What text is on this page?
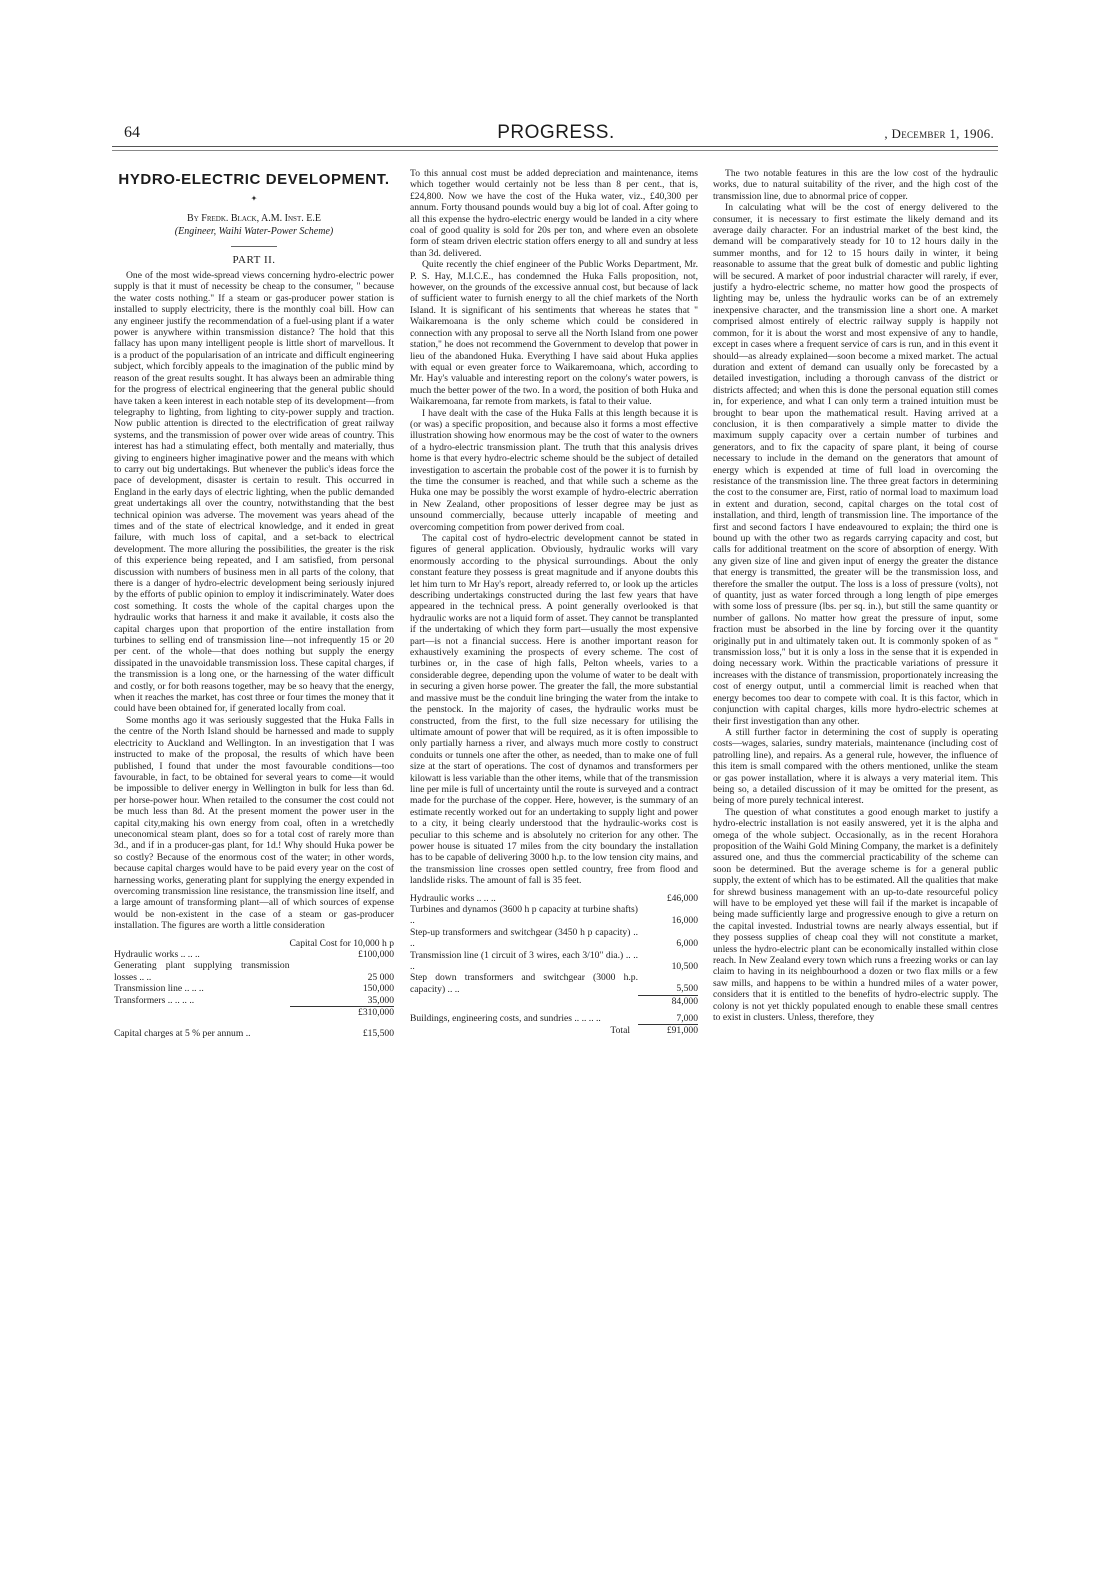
64	PROGRESS.	, December 1, 1906.
HYDRO-ELECTRIC DEVELOPMENT.
✦
By Fredk. Black, A.M. Inst. E.E
(Engineer, Waihi Water-Power Scheme)
PART II.

One of the most wide-spread views concerning hydro-electric power supply is that it must of necessity be cheap to the consumer, " because the water costs nothing." If a steam or gas-producer power station is installed to supply electricity, there is the monthly coal bill. How can any engineer justify the recommendation of a fuel-using plant if a water power is anywhere within transmission distance? The hold that this fallacy has upon many intelligent people is little short of marvellous. It is a product of the popularisation of an intricate and difficult engineering subject, which forcibly appeals to the imagination of the public mind by reason of the great results sought. It has always been an admirable thing for the progress of electrical engineering that the general public should have taken a keen interest in each notable step of its development—from telegraphy to lighting, from lighting to city-power supply and traction. Now public attention is directed to the electrification of great railway systems, and the transmission of power over wide areas of country. This interest has had a stimulating effect, both mentally and materially, thus giving to engineers higher imaginative power and the means with which to carry out big undertakings. But whenever the public's ideas force the pace of development, disaster is certain to result. This occurred in England in the early days of electric lighting, when the public demanded great undertakings all over the country, notwithstanding that the best technical opinion was adverse. The movement was years ahead of the times and of the state of electrical knowledge, and it ended in great failure, with much loss of capital, and a set-back to electrical development. The more alluring the possibilities, the greater is the risk of this experience being repeated, and I am satisfied, from personal discussion with numbers of business men in all parts of the colony, that there is a danger of hydro-electric development being seriously injured by the efforts of public opinion to employ it indiscriminately. Water does cost something. It costs the whole of the capital charges upon the hydraulic works that harness it and make it available, it costs also the capital charges upon that proportion of the entire installation from turbines to selling end of transmission line—not infrequently 15 or 20 per cent. of the whole—that does nothing but supply the energy dissipated in the unavoidable transmission loss. These capital charges, if the transmission is a long one, or the harnessing of the water difficult and costly, or for both reasons together, may be so heavy that the energy, when it reaches the market, has cost three or four times the money that it could have been obtained for, if generated locally from coal.

Some months ago it was seriously suggested that the Huka Falls in the centre of the North Island should be harnessed and made to supply electricity to Auckland and Wellington. In an investigation that I was instructed to make of the proposal, the results of which have been published, I found that under the most favourable conditions—too favourable, in fact, to be obtained for several years to come—it would be impossible to deliver energy in Wellington in bulk for less than 6d. per horse-power hour. When retailed to the consumer the cost could not be much less than 8d. At the present moment the power user in the capital city,making his own energy from coal, often in a wretchedly uneconomical steam plant, does so for a total cost of rarely more than 3d., and if in a producer-gas plant, for 1d.! Why should Huka power be so costly? Because of the enormous cost of the water; in other words, because capital charges would have to be paid every year on the cost of harnessing works, generating plant for supplying the energy expended in overcoming transmission line resistance, the transmission line itself, and a large amount of transforming plant—all of which sources of expense would be non-existent in the case of a steam or gas-producer installation. The figures are worth a little consideration

	Capital Cost for 10,000 h p
Hydraulic works .. .. ..	£100,000
Generating plant supplying transmission losses .. ..	25 000
Transmission line .. .. ..	150,000
Transformers .. .. .. ..	35,000
	£310,000
Capital charges at 5 % per annum ..	£15,500

To this annual cost must be added depreciation and maintenance, items which together would certainly not be less than 8 per cent., that is, £24,800. Now we have the cost of the Huka water, viz., £40,300 per annum. Forty thousand pounds would buy a big lot of coal. After going to all this expense the hydro-electric energy would be landed in a city where coal of good quality is sold for 20s per ton, and where even an obsolete form of steam driven electric station offers energy to all and sundry at less than 3d. delivered.

Quite recently the chief engineer of the Public Works Department, Mr. P. S. Hay, M.I.C.E., has condemned the Huka Falls proposition, not, however, on the grounds of the excessive annual cost, but because of lack of sufficient water to furnish energy to all the chief markets of the North Island. It is significant of his sentiments that whereas he states that " Waikaremoana is the only scheme which could be considered in connection with any proposal to serve all the North Island from one power station," he does not recommend the Government to develop that power in lieu of the abandoned Huka. Everything I have said about Huka applies with equal or even greater force to Waikaremoana, which, according to Mr. Hay's valuable and interesting report on the colony's water powers, is much the better power of the two. In a word, the position of both Huka and Waikaremoana, far remote from markets, is fatal to their value.

I have dealt with the case of the Huka Falls at this length because it is (or was) a specific proposition, and because also it forms a most effective illustration showing how enormous may be the cost of water to the owners of a hydro-electric transmission plant. The truth that this analysis drives home is that every hydro-electric scheme should be the subject of detailed investigation to ascertain the probable cost of the power it is to furnish by the time the consumer is reached, and that while such a scheme as the Huka one may be possibly the worst example of hydro-electric aberration in New Zealand, other propositions of lesser degree may be just as unsound commercially, because utterly incapable of meeting and overcoming competition from power derived from coal.

The capital cost of hydro-electric development cannot be stated in figures of general application. Obviously, hydraulic works will vary enormously according to the physical surroundings. About the only constant feature they possess is great magnitude and if anyone doubts this let him turn to Mr Hay's report, already referred to, or look up the articles describing undertakings constructed during the last few years that have appeared in the technical press. A point generally overlooked is that hydraulic works are not a liquid form of asset. They cannot be transplanted if the undertaking of which they form part—usually the most expensive part—is not a financial success. Here is another important reason for exhaustively examining the prospects of every scheme. The cost of turbines or, in the case of high falls, Pelton wheels, varies to a considerable degree, depending upon the volume of water to be dealt with in securing a given horse power. The greater the fall, the more substantial and massive must be the conduit line bringing the water from the intake to the penstock. In the majority of cases, the hydraulic works must be constructed, from the first, to the full size necessary for utilising the ultimate amount of power that will be required, as it is often impossible to only partially harness a river, and always much more costly to construct conduits or tunnels one after the other, as needed, than to make one of full size at the start of operations. The cost of dynamos and transformers per kilowatt is less variable than the other items, while that of the transmission line per mile is full of uncertainty until the route is surveyed and a contract made for the purchase of the copper. Here, however, is the summary of an estimate recently worked out for an undertaking to supply light and power to a city, it being clearly understood that the hydraulic-works cost is peculiar to this scheme and is absolutely no criterion for any other. The power house is situated 17 miles from the city boundary the installation has to be capable of delivering 3000 h.p. to the low tension city mains, and the transmission line crosses open settled country, free from flood and landslide risks. The amount of fall is 35 feet.

Hydraulic works .. .. ..	£46,000
Turbines and dynamos (3600 h p capacity at turbine shafts) ..	16,000
Step-up transformers and switchgear (3450 h p capacity) .. ..	6,000
Transmission line (1 circuit of 3 wires, each 3/10" dia.) .. .. ..	10,500
Step down transformers and switchgear (3000 h.p. capacity) .. ..	5,500
	84,000
Buildings, engineering costs, and sundries .. .. .. ..	7,000
Total	£91,000

The two notable features in this are the low cost of the hydraulic works, due to natural suitability of the river, and the high cost of the transmission line, due to abnormal price of copper.

In calculating what will be the cost of energy delivered to the consumer, it is necessary to first estimate the likely demand and its average daily character. For an industrial market of the best kind, the demand will be comparatively steady for 10 to 12 hours daily in the summer months, and for 12 to 15 hours daily in winter, it being reasonable to assume that the great bulk of domestic and public lighting will be secured. A market of poor industrial character will rarely, if ever, justify a hydro-electric scheme, no matter how good the prospects of lighting may be, unless the hydraulic works can be of an extremely inexpensive character, and the transmission line a short one. A market comprised almost entirely of electric railway supply is happily not common, for it is about the worst and most expensive of any to handle, except in cases where a frequent service of cars is run, and in this event it should—as already explained—soon become a mixed market. The actual duration and extent of demand can usually only be forecasted by a detailed investigation, including a thorough canvass of the district or districts affected; and when this is done the personal equation still comes in, for experience, and what I can only term a trained intuition must be brought to bear upon the mathematical result. Having arrived at a conclusion, it is then comparatively a simple matter to divide the maximum supply capacity over a certain number of turbines and generators, and to fix the capacity of spare plant, it being of course necessary to include in the demand on the generators that amount of energy which is expended at time of full load in overcoming the resistance of the transmission line. The three great factors in determining the cost to the consumer are, First, ratio of normal load to maximum load in extent and duration, second, capital charges on the total cost of installation, and third, length of transmission line. The importance of the first and second factors I have endeavoured to explain; the third one is bound up with the other two as regards carrying capacity and cost, but calls for additional treatment on the score of absorption of energy. With any given size of line and given input of energy the greater the distance that energy is transmitted, the greater will be the transmission loss, and therefore the smaller the output. The loss is a loss of pressure (volts), not of quantity, just as water forced through a long length of pipe emerges with some loss of pressure (lbs. per sq. in.), but still the same quantity or number of gallons. No matter how great the pressure of input, some fraction must be absorbed in the line by forcing over it the quantity originally put in and ultimately taken out. It is commonly spoken of as " transmission loss," but it is only a loss in the sense that it is expended in doing necessary work. Within the practicable variations of pressure it increases with the distance of transmission, proportionately increasing the cost of energy output, until a commercial limit is reached when that energy becomes too dear to compete with coal. It is this factor, which in conjunction with capital charges, kills more hydro-electric schemes at their first investigation than any other.

A still further factor in determining the cost of supply is operating costs—wages, salaries, sundry materials, maintenance (including cost of patrolling line), and repairs. As a general rule, however, the influence of this item is small compared with the others mentioned, unlike the steam or gas power installation, where it is always a very material item. This being so, a detailed discussion of it may be omitted for the present, as being of more purely technical interest.

The question of what constitutes a good enough market to justify a hydro-electric installation is not easily answered, yet it is the alpha and omega of the whole subject. Occasionally, as in the recent Horahora proposition of the Waihi Gold Mining Company, the market is a definitely assured one, and thus the commercial practicability of the scheme can soon be determined. But the average scheme is for a general public supply, the extent of which has to be estimated. All the qualities that make for shrewd business management with an up-to-date resourceful policy will have to be employed yet these will fail if the market is incapable of being made sufficiently large and progressive enough to give a return on the capital invested. Industrial towns are nearly always essential, but if they possess supplies of cheap coal they will not constitute a market, unless the hydro-electric plant can be economically installed within close reach. In New Zealand every town which runs a freezing works or can lay claim to having in its neighbourhood a dozen or two flax mills or a few saw mills, and happens to be within a hundred miles of a water power, considers that it is entitled to the benefits of hydro-electric supply. The colony is not yet thickly populated enough to enable these small centres to exist in clusters. Unless, therefore, they
